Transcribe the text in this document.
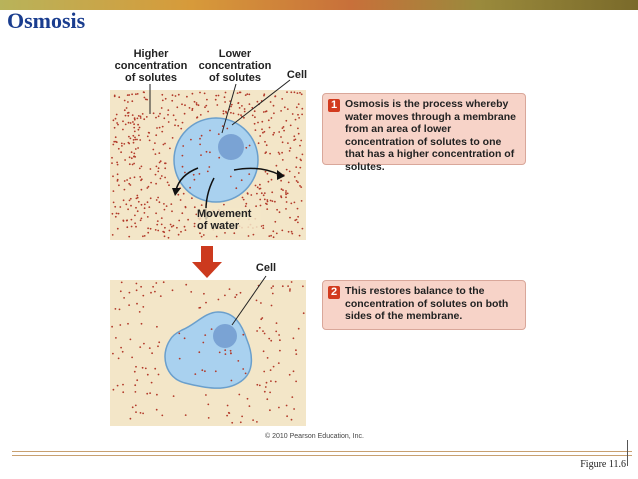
Osmosis
Higher
concentration
of solutes
Lower
concentration
of solutes	Cell
Movement
of water
Cell
1 Osmosis is the process whereby water moves through a membrane from an area of lower concentration of solutes to one that has a higher concentration of solutes.
2 This restores balance to the concentration of solutes on both sides of the membrane.
© 2010 Pearson Education, Inc.
Figure 11.6
